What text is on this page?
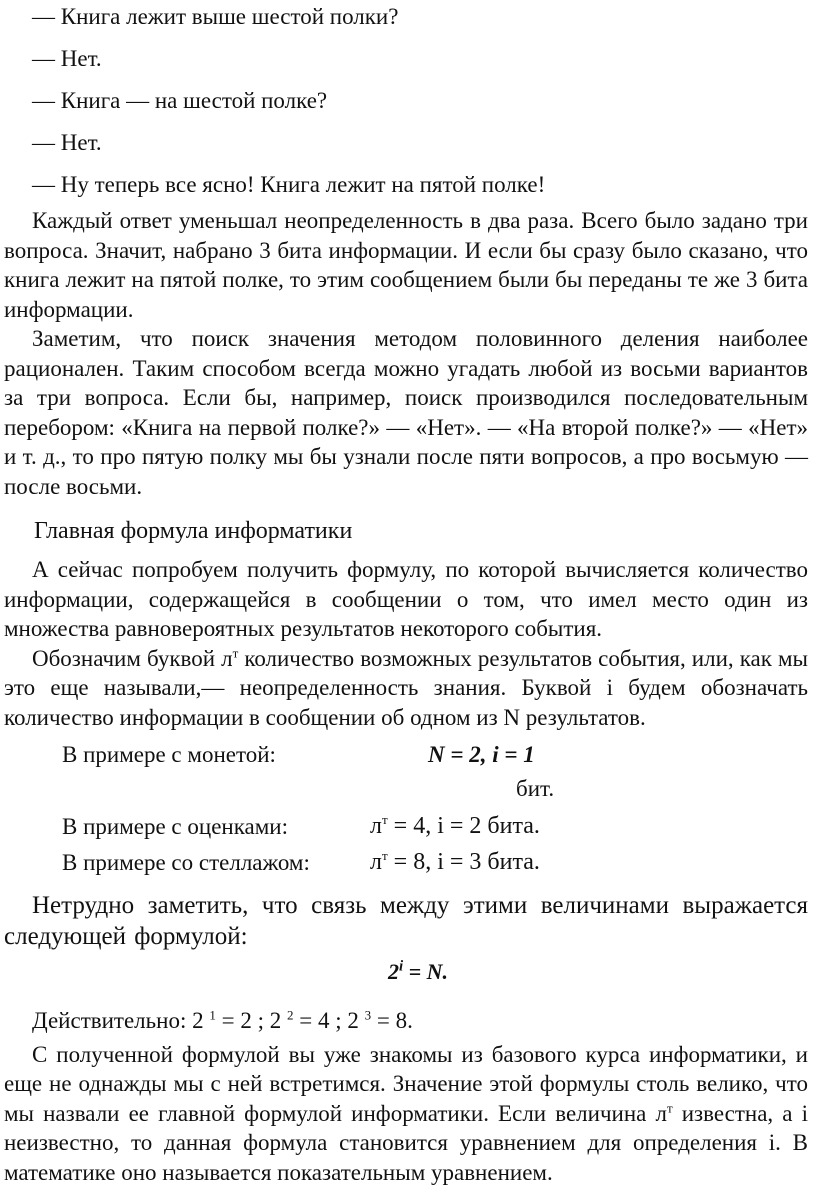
— Книга лежит выше шестой полки?
— Нет.
— Книга — на шестой полке?
— Нет.
— Ну теперь все ясно! Книга лежит на пятой полке!

Каждый ответ уменьшал неопределенность в два раза. Всего было задано три вопроса. Значит, набрано 3 бита информации. И если бы сразу было сказано, что книга лежит на пятой полке, то этим сообщением были бы переданы те же 3 бита информации.

Заметим, что поиск значения методом половинного деления наиболее рационален. Таким способом всегда можно угадать любой из восьми вариантов за три вопроса. Если бы, например, поиск производился последовательным перебором: «Книга на первой полке?» — «Нет». — «На второй полке?» — «Нет» и т. д., то про пятую полку мы бы узнали после пяти вопросов, а про восьмую — после восьми.

Главная формула информатики

А сейчас попробуем получить формулу, по которой вычисляется количество информации, содержащейся в сообщении о том, что имел место один из множества равновероятных результатов некоторого события.

Обозначим буквой $л^т$ количество возможных результатов события, или, как мы это еще называли,— неопределенность знания. Буквой i будем обозначать количество информации в сообщении об одном из N результатов.

В примере с монетой:	N = 2, i = 1
бит.
В примере с оценками:	$л^т = 4$, i = 2 бита.
В примере со стеллажом:	$л^т = 8$, i = 3 бита.

Нетрудно заметить, что связь между этими величинами выражается следующей формулой:

$2^i = N$.
Действительно: 2 $^1$ = 2 ; 2 $^2$ = 4 ; 2 $^3$ = 8.

С полученной формулой вы уже знакомы из базового курса информатики, и еще не однажды мы с ней встретимся. Значение этой формулы столь велико, что мы назвали ее главной формулой информатики. Если величина $л^т$ известна, а i неизвестно, то данная формула становится уравнением для определения i. В математике оно называется показательным уравнением.
